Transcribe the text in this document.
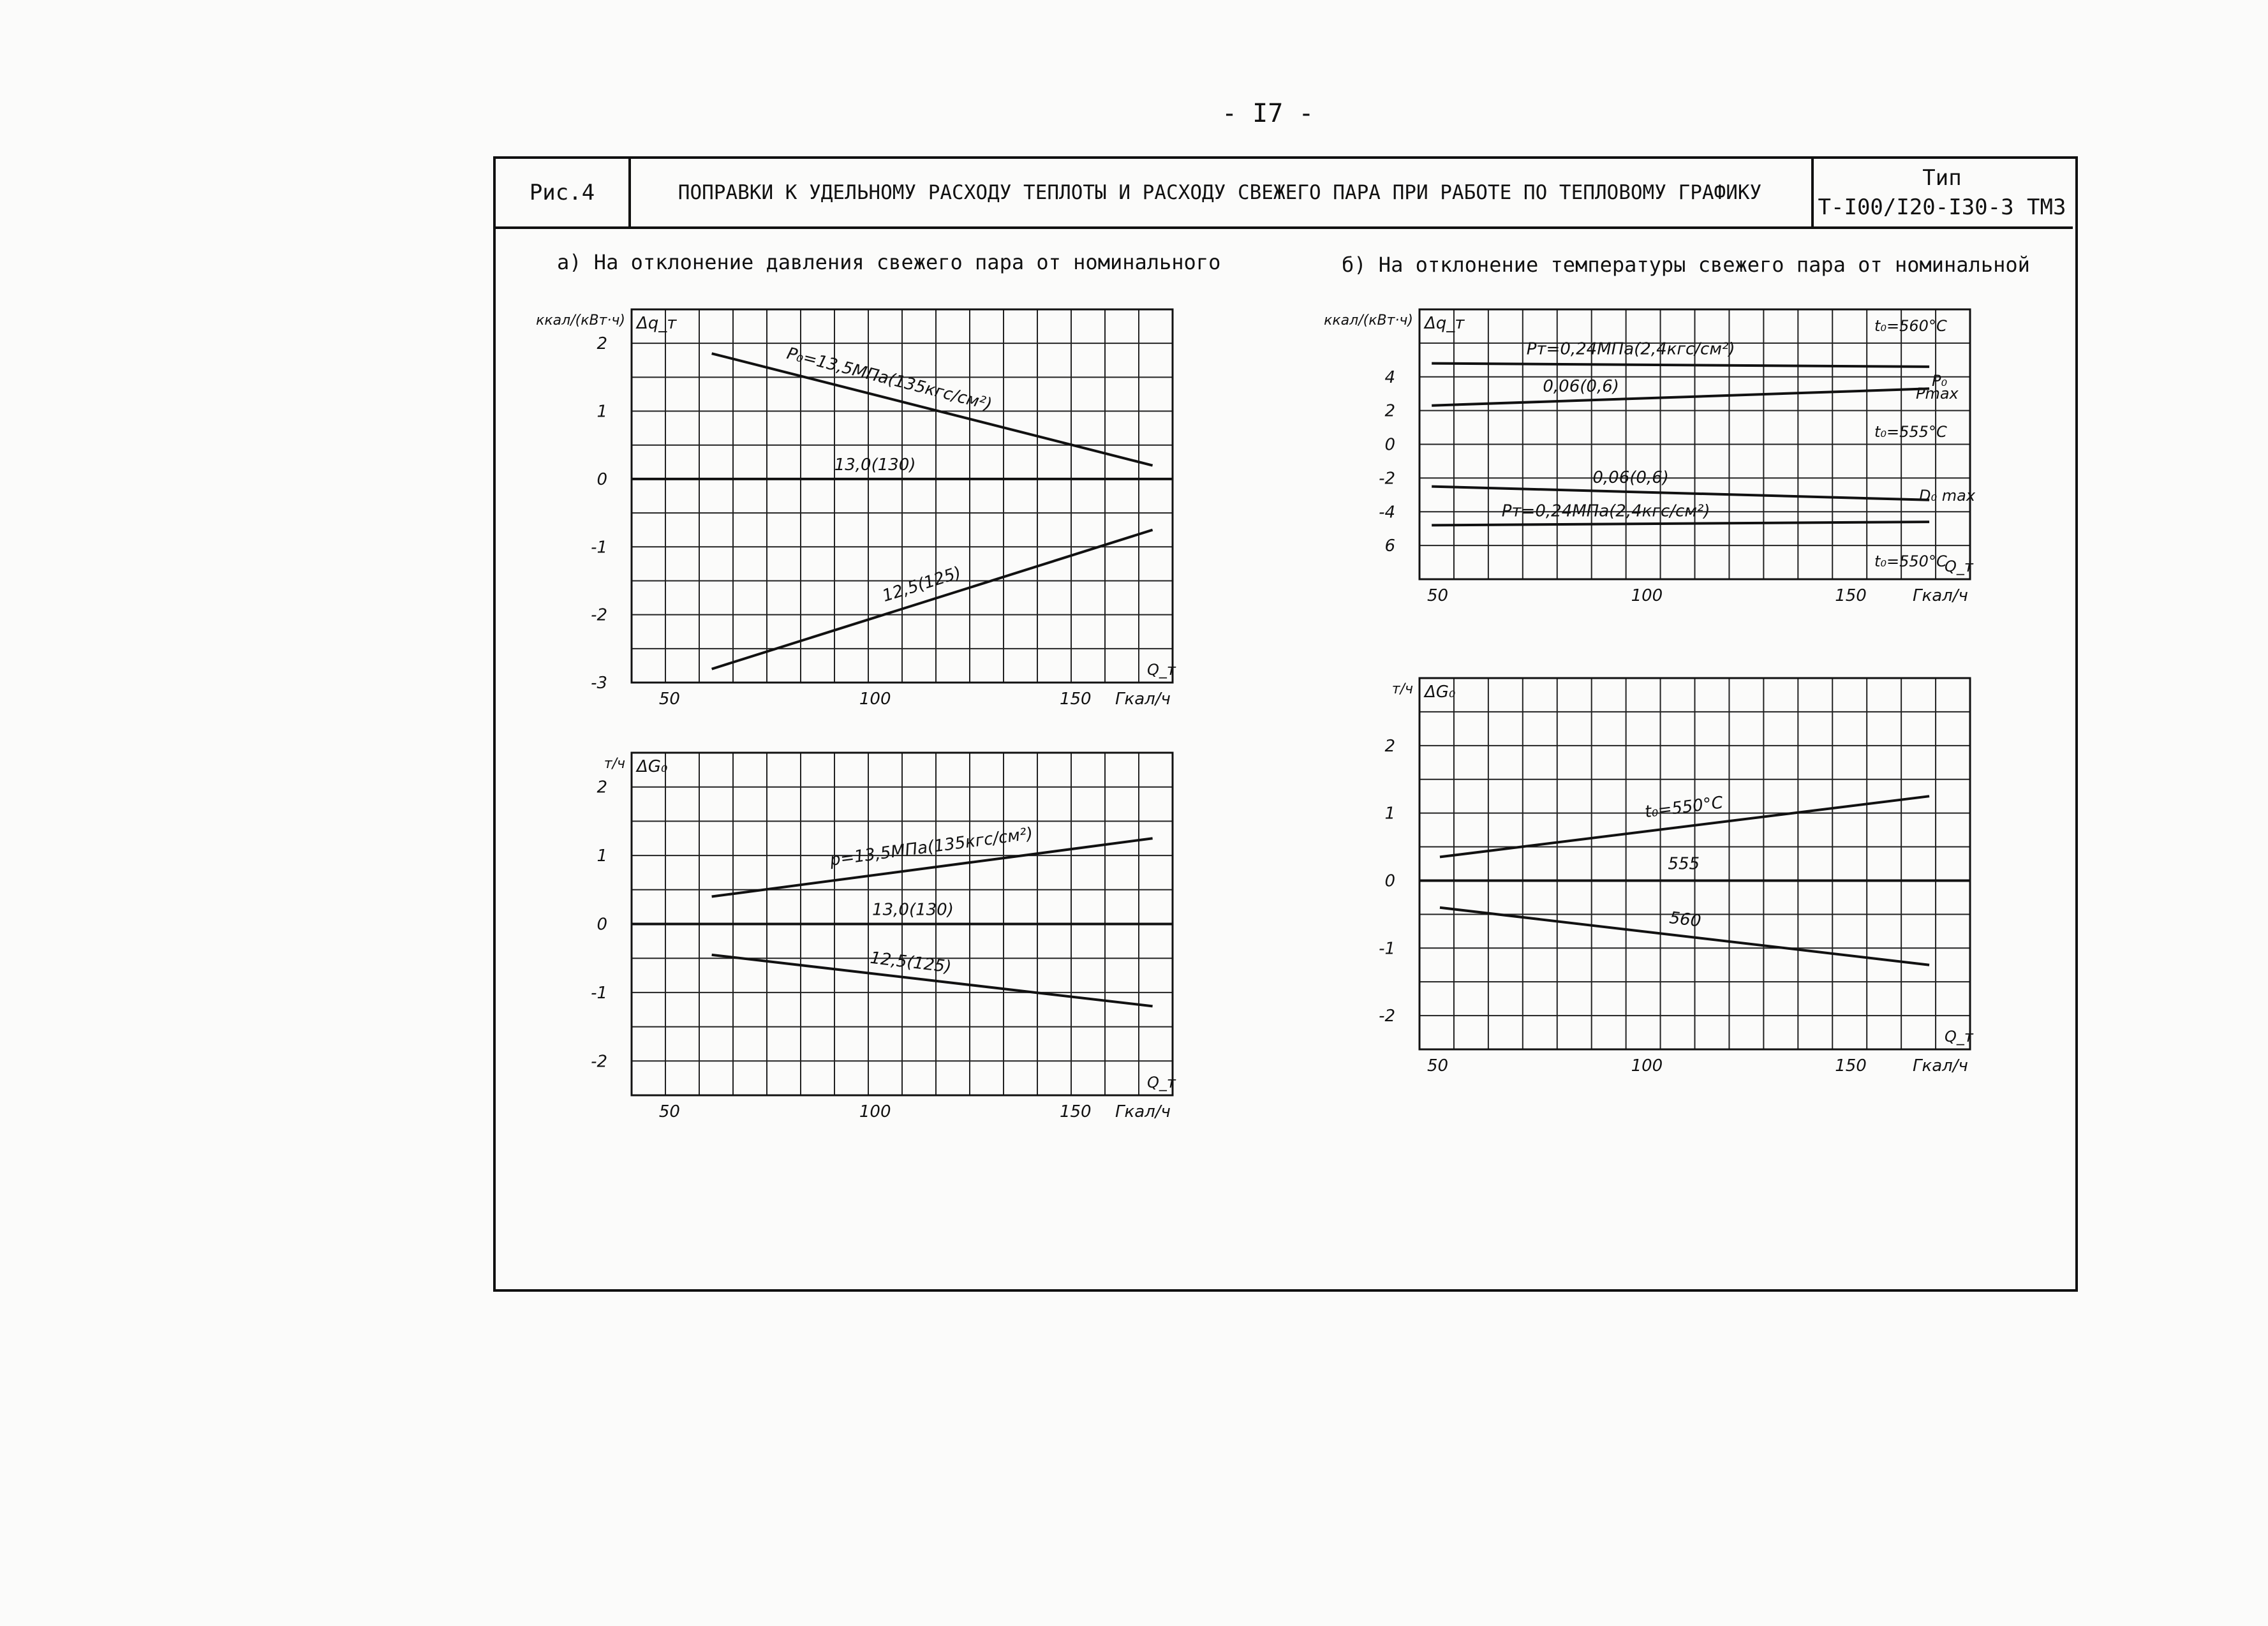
- I7 -
Рис.4	ПОПРАВКИ К УДЕЛЬНОМУ РАСХОДУ ТЕПЛОТЫ И РАСХОДУ СВЕЖЕГО ПАРА ПРИ РАБОТЕ ПО ТЕПЛОВОМУ ГРАФИКУ
Тип
Т-I00/I20-I30-3 ТМЗ
а) На отклонение давления свежего пара от номинального	б) На отклонение температуры свежего пара от номинальной
50	100	150
2
1
0
-1
-2
-3
ккал/(кВт·ч) Δq_т
Q_т
Гкал/ч
P₀=13,5МПа(135кгс/см²)
13,0(130)
12,5(125)
50	100	150
2
1
0
-1
-2
т/ч ΔG₀
Q_т
Гкал/ч
р=13,5МПа(135кгс/см²)
13,0(130)
12,5(125)
50	100	150
4
2
0
-2
-4
6
ккал/(кВт·ч) Δq_т
Q_т
Гкал/ч
Pт=0,24МПа(2,4кгс/см²)
0,06(0,6)
0,06(0,6)
Pт=0,24МПа(2,4кгс/см²)
t₀=560°C
t₀=555°C
t₀=550°C
Pmax
P₀
D₀ max
50	100	150
2
1
0
-1
-2
т/ч ΔG₀
Q_т
Гкал/ч
t₀=550°C
555
560
